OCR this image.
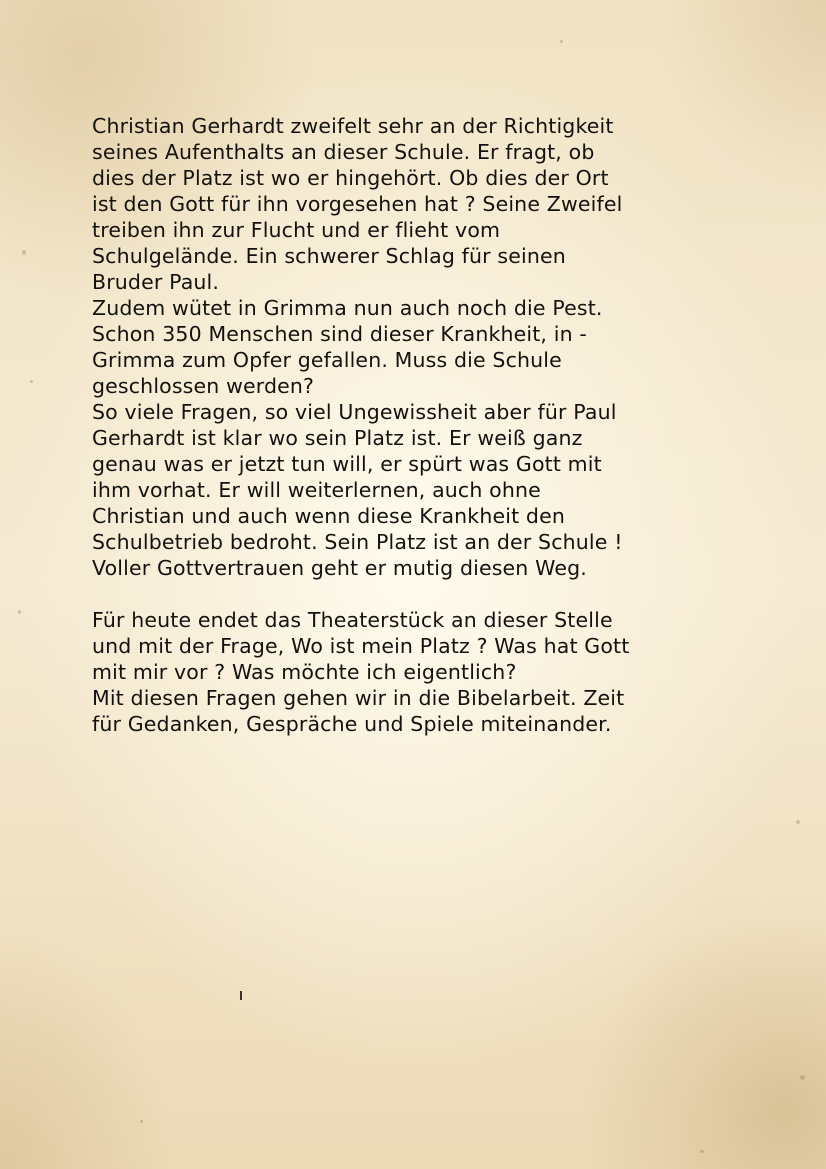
Christian Gerhardt zweifelt sehr an der Richtigkeit
seines Aufenthalts an dieser Schule. Er fragt, ob
dies der Platz ist wo er hingehört. Ob dies der Ort
ist den Gott für ihn vorgesehen hat ? Seine Zweifel
treiben ihn zur Flucht und er flieht vom
Schulgelände. Ein schwerer Schlag für seinen
Bruder Paul.
Zudem wütet in Grimma nun auch noch die Pest.
Schon 350 Menschen sind dieser Krankheit, in -
Grimma zum Opfer gefallen. Muss die Schule
geschlossen werden?
So viele Fragen, so viel Ungewissheit aber für Paul
Gerhardt ist klar wo sein Platz ist. Er weiß ganz
genau was er jetzt tun will, er spürt was Gott mit
ihm vorhat. Er will weiterlernen, auch ohne
Christian und auch wenn diese Krankheit den
Schulbetrieb bedroht. Sein Platz ist an der Schule !
Voller Gottvertrauen geht er mutig diesen Weg.
Für heute endet das Theaterstück an dieser Stelle
und mit der Frage, Wo ist mein Platz ? Was hat Gott
mit mir vor ? Was möchte ich eigentlich?
Mit diesen Fragen gehen wir in die Bibelarbeit. Zeit
für Gedanken, Gespräche und Spiele miteinander.
